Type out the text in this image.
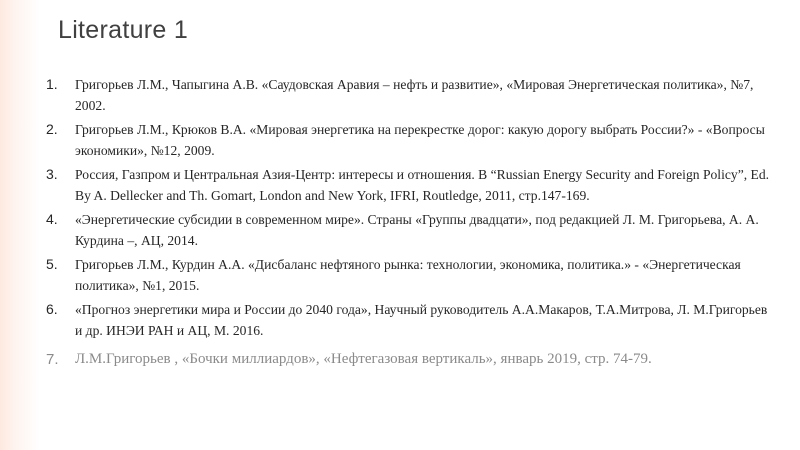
Literature 1
1. Григорьев Л.М., Чапыгина А.В. «Саудовская Аравия – нефть и развитие», «Мировая Энергетическая политика», №7, 2002.
2. Григорьев Л.М., Крюков В.А. «Мировая энергетика на перекрестке дорог: какую дорогу выбрать России?» - «Вопросы экономики», №12, 2009.
3. Россия, Газпром и Центральная Азия-Центр: интересы и отношения. В “Russian Energy Security and Foreign Policy”, Ed. By A. Dellecker and Th. Gomart, London and New York, IFRI, Routledge, 2011, стр.147-169.
4. «Энергетические субсидии в современном мире». Страны «Группы двадцати», под редакцией Л. М. Григорьева, А. А. Курдина –, АЦ, 2014.
5. Григорьев Л.М., Курдин А.А. «Дисбаланс нефтяного рынка: технологии, экономика, политика.» - «Энергетическая политика», №1, 2015.
6. «Прогноз энергетики мира и России до 2040 года», Научный руководитель А.А.Макаров, Т.А.Митрова, Л. М.Григорьев и др. ИНЭИ РАН и АЦ, М. 2016.
7. Л.М.Григорьев , «Бочки миллиардов», «Нефтегазовая вертикаль», январь 2019, стр. 74-79.
